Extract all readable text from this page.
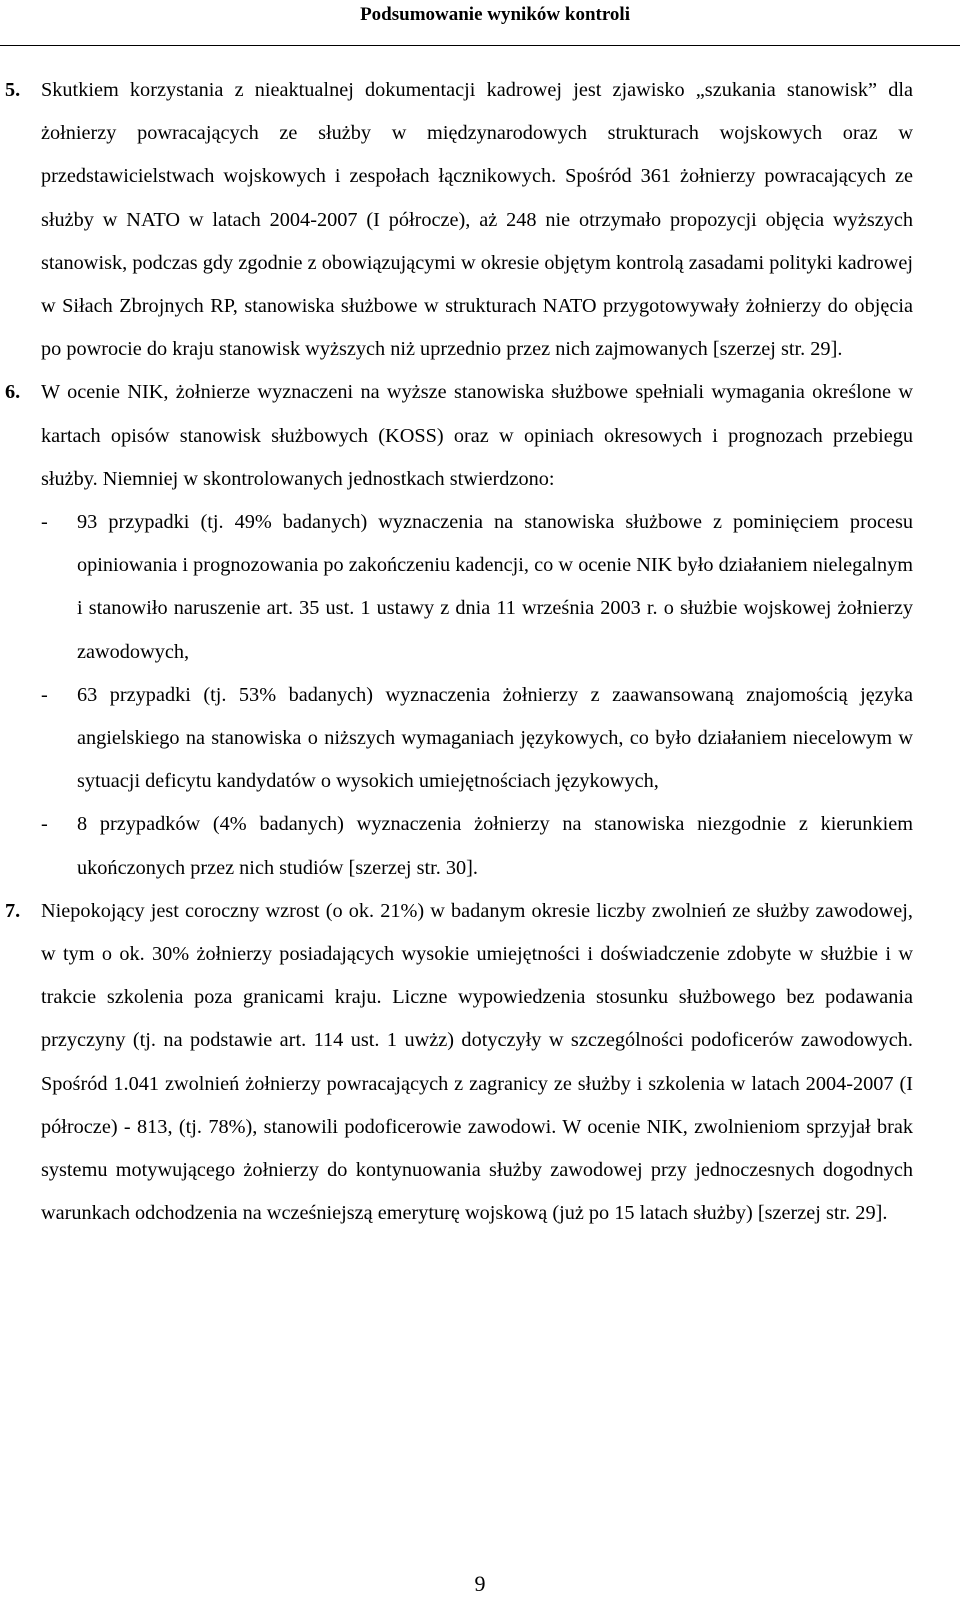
Podsumowanie wyników kontroli
5. Skutkiem korzystania z nieaktualnej dokumentacji kadrowej jest zjawisko „szukania stanowisk” dla żołnierzy powracających ze służby w międzynarodowych strukturach wojskowych oraz w przedstawicielstwach wojskowych i zespołach łącznikowych. Spośród 361 żołnierzy powracających ze służby w NATO w latach 2004-2007 (I półrocze), aż 248 nie otrzymało propozycji objęcia wyższych stanowisk, podczas gdy zgodnie z obowiązującymi w okresie objętym kontrolą zasadami polityki kadrowej w Siłach Zbrojnych RP, stanowiska służbowe w strukturach NATO przygotowywały żołnierzy do objęcia po powrocie do kraju stanowisk wyższych niż uprzednio przez nich zajmowanych [szerzej str. 29].
6. W ocenie NIK, żołnierze wyznaczeni na wyższe stanowiska służbowe spełniali wymagania określone w kartach opisów stanowisk służbowych (KOSS) oraz w opiniach okresowych i prognozach przebiegu służby. Niemniej w skontrolowanych jednostkach stwierdzono:
- 93 przypadki (tj. 49% badanych) wyznaczenia na stanowiska służbowe z pominięciem procesu opiniowania i prognozowania po zakończeniu kadencji, co w ocenie NIK było działaniem nielegalnym i stanowiło naruszenie art. 35 ust. 1 ustawy z dnia 11 września 2003 r. o służbie wojskowej żołnierzy zawodowych,
- 63 przypadki (tj. 53% badanych) wyznaczenia żołnierzy z zaawansowaną znajomością języka angielskiego na stanowiska o niższych wymaganiach językowych, co było działaniem niecelowym w sytuacji deficytu kandydatów o wysokich umiejętnościach językowych,
- 8 przypadków (4% badanych) wyznaczenia żołnierzy na stanowiska niezgodnie z kierunkiem ukończonych przez nich studiów [szerzej str. 30].
7. Niepokojący jest coroczny wzrost (o ok. 21%) w badanym okresie liczby zwolnień ze służby zawodowej, w tym o ok. 30% żołnierzy posiadających wysokie umiejętności i doświadczenie zdobyte w służbie i w trakcie szkolenia poza granicami kraju. Liczne wypowiedzenia stosunku służbowego bez podawania przyczyny (tj. na podstawie art. 114 ust. 1 uwżz) dotyczyły w szczególności podoficerów zawodowych. Spośród 1.041 zwolnień żołnierzy powracających z zagranicy ze służby i szkolenia w latach 2004-2007 (I półrocze) - 813, (tj. 78%), stanowili podoficerowie zawodowi. W ocenie NIK, zwolnieniom sprzyjał brak systemu motywującego żołnierzy do kontynuowania służby zawodowej przy jednoczesnych dogodnych warunkach odchodzenia na wcześniejszą emeryturę wojskową (już po 15 latach służby) [szerzej str. 29].
9
